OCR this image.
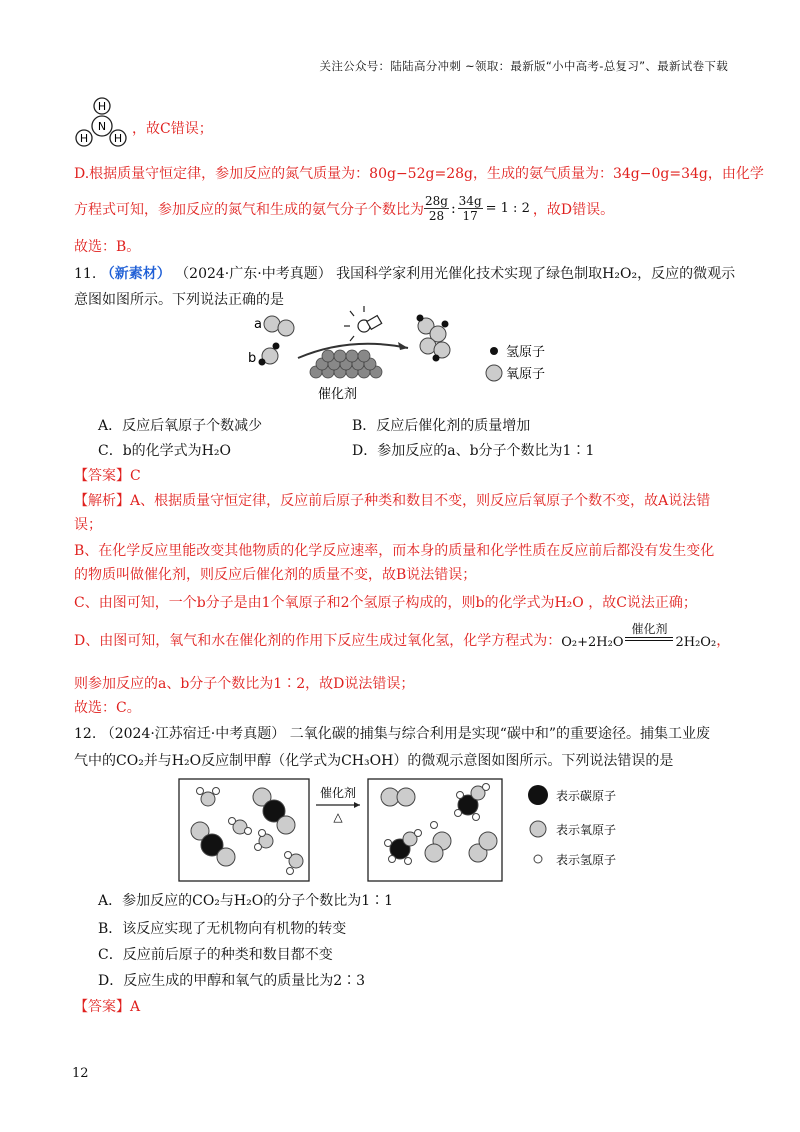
关注公众号：陆陆高分冲刺 ~领取：最新版“小中高考-总复习”、最新试卷下载
H
N
H H
，故C错误；
D.根据质量守恒定律，参加反应的氮气质量为：80g−52g=28g，生成的氨气质量为：34g−0g=34g，由化学
方程式可知，参加反应的氮气和生成的氨气分子个数比为 $\frac{28g}{28}$ : $\frac{34g}{17} = 1$ : 2 ，故D错误。
故选：B。
11. （新素材） （2024·广东·中考真题） 我国科学家利用光催化技术实现了绿色制取H₂O₂，反应的微观示
意图如图所示。下列说法正确的是
a
b	氢原子
氧原子
催化剂
A．反应后氧原子个数减少	B．反应后催化剂的质量增加
C．b的化学式为H₂O	D．参加反应的a、b分子个数比为1∶1
【答案】C
【解析】A、根据质量守恒定律，反应前后原子种类和数目不变，则反应后氧原子个数不变，故A说法错
误；
B、在化学反应里能改变其他物质的化学反应速率，而本身的质量和化学性质在反应前后都没有发生变化
的物质叫做催化剂，则反应后催化剂的质量不变，故B说法错误；
C、由图可知，一个b分子是由1个氧原子和2个氢原子构成的，则b的化学式为H₂O ，故C说法正确；
D、由图可知，氧气和水在催化剂的作用下反应生成过氧化氢，化学方程式为： O₂+2H₂O
催化剂
2H₂O₂ ，
则参加反应的a、b分子个数比为1∶2，故D说法错误；
故选：C。
12. （2024·江苏宿迁·中考真题） 二氧化碳的捕集与综合利用是实现“碳中和”的重要途径。捕集工业废
气中的CO₂并与H₂O反应制甲醇（化学式为CH₃OH）的微观示意图如图所示。下列说法错误的是
催化剂
△
表示碳原子
表示氧原子
表示氢原子
A．参加反应的CO₂与H₂O的分子个数比为1∶1
B．该反应实现了无机物向有机物的转变
C．反应前后原子的种类和数目都不变
D．反应生成的甲醇和氧气的质量比为2∶3
【答案】A
12
